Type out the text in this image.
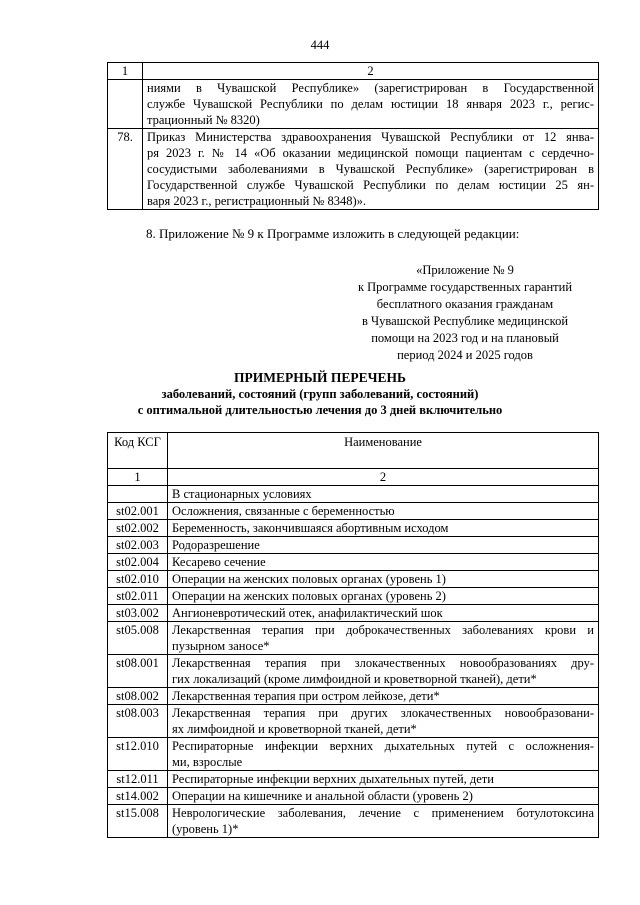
444
1	2

	ниями в Чувашской Республике» (зарегистрирован в Государственной
службе Чувашской Республики по делам юстиции 18 января 2023 г., регис-
трационный № 8320)

78.	Приказ Министерства здравоохранения Чувашской Республики от 12 янва-
ря 2023 г. № 14 «Об оказании медицинской помощи пациентам с сердечно-
сосудистыми заболеваниями в Чувашской Республике» (зарегистрирован в
Государственной службе Чувашской Республики по делам юстиции 25 ян-
варя 2023 г., регистрационный № 8348)».
8. Приложение № 9 к Программе изложить в следующей редакции:
«Приложение № 9
к Программе государственных гарантий
бесплатного оказания гражданам
в Чувашской Республике медицинской
помощи на 2023 год и на плановый
период 2024 и 2025 годов
ПРИМЕРНЫЙ ПЕРЕЧЕНЬ
заболеваний, состояний (групп заболеваний, состояний)
с оптимальной длительностью лечения до 3 дней включительно
Код КСГ	Наименование
1	2
	В стационарных условиях
st02.001	Осложнения, связанные с беременностью

st02.002	Беременность, закончившаяся абортивным исходом

st02.003	Родоразрешение

st02.004	Кесарево сечение

st02.010	Операции на женских половых органах (уровень 1)

st02.011	Операции на женских половых органах (уровень 2)

st03.002	Ангионевротический отек, анафилактический шок

st05.008	Лекарственная терапия при доброкачественных заболеваниях крови и
пузырном заносе*

st08.001	Лекарственная терапия при злокачественных новообразованиях дру-
гих локализаций (кроме лимфоидной и кроветворной тканей), дети*

st08.002	Лекарственная терапия при остром лейкозе, дети*

st08.003	Лекарственная терапия при других злокачественных новообразовани-
ях лимфоидной и кроветворной тканей, дети*

st12.010	Респираторные инфекции верхних дыхательных путей с осложнения-
ми, взрослые

st12.011	Респираторные инфекции верхних дыхательных путей, дети

st14.002	Операции на кишечнике и анальной области (уровень 2)

st15.008	Неврологические заболевания, лечение с применением ботулотоксина
(уровень 1)*
